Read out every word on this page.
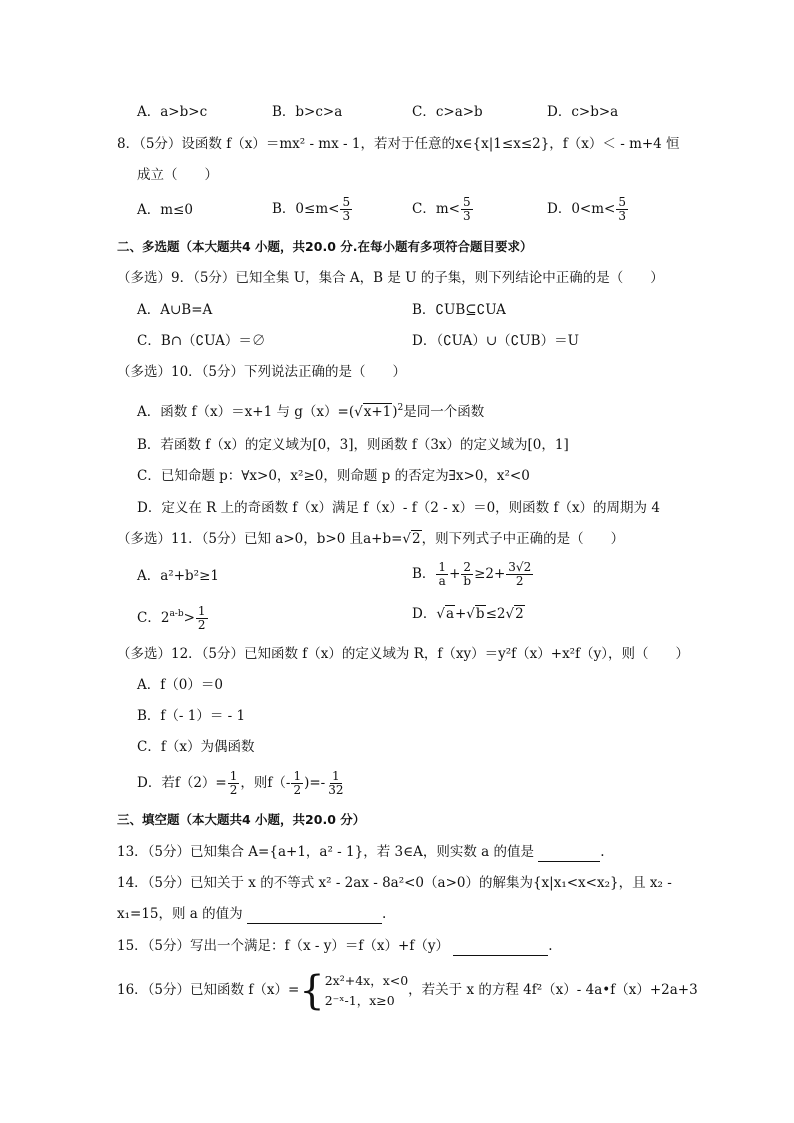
A．a>b>c	B．b>c>a	C．c>a>b	D．c>b>a
8．（5分）设函数 f（x）＝mx² - mx - 1，若对于任意的x∈{x|1≤x≤2}，f（x）＜ - m+4 恒
成立（　　）
A．m≤0	B．$0\le m< \frac{5}{3}$	C．$m< \frac{5}{3}$	D．$0<m< \frac{5}{3}$
二、多选题（本大题共4 小题，共20.0 分.在每小题有多项符合题目要求）
（多选）9．（5分）已知全集 U，集合 A，B 是 U 的子集，则下列结论中正确的是（　　）
A．A∪B=A	B．∁UB⊆∁UA
C．B∩（∁UA）＝∅	D．（∁UA）∪（∁UB）＝U
（多选）10．（5分）下列说法正确的是（　　）
A．函数 f（x）＝x+1 与 $g(x)=(√x+1)^2$是同一个函数
B．若函数 f（x）的定义域为[0，3]，则函数 f（3x）的定义域为[0，1]
C．已知命题 p：∀x>0，x²≥0，则命题 p 的否定为∃x>0，x²<0
D．定义在 R 上的奇函数 f（x）满足 f（x）- f（2 - x）＝0，则函数 f（x）的周期为 4
（多选）11．（5分）已知 a>0，b>0 且a+b=√2，则下列式子中正确的是（　　）
A．a²+b²≥1	B． $\frac{1}{a} + \frac{2}{b} \ge 2+ \frac{3√2}{2}$
C．$2^{a-b}> \frac{1}{2}$	D．√a+√b≤2√2
（多选）12．（5分）已知函数 f（x）的定义域为 R，f（xy）＝y²f（x）+x²f（y），则（　　）
A．f（0）＝0
B．f（- 1）＝ - 1
C．f（x）为偶函数
D．若$f(2)= \frac{1}{2}$ ，则$f(- \frac{1}{2}$ )=- $\frac{1}{32}$
三、填空题（本大题共4 小题，共20.0 分）
13．（5分）已知集合 A={a+1，a² - 1}，若 3∈A，则实数 a 的值是	.
14．（5分）已知关于 x 的不等式 x² - 2ax - 8a²<0（a>0）的解集为{x|x₁<x<x₂}，且 x₂ -
x₁=15，则 a 的值为	.
15．（5分）写出一个满足：f（x - y）＝f（x）+f（y）	.
16．（5分）已知函数 f（x）={ 2x²+4x，x<0
2⁻ˣ-1，x≥0
，若关于 x 的方程 4f²（x）- 4a•f（x）+2a+3
